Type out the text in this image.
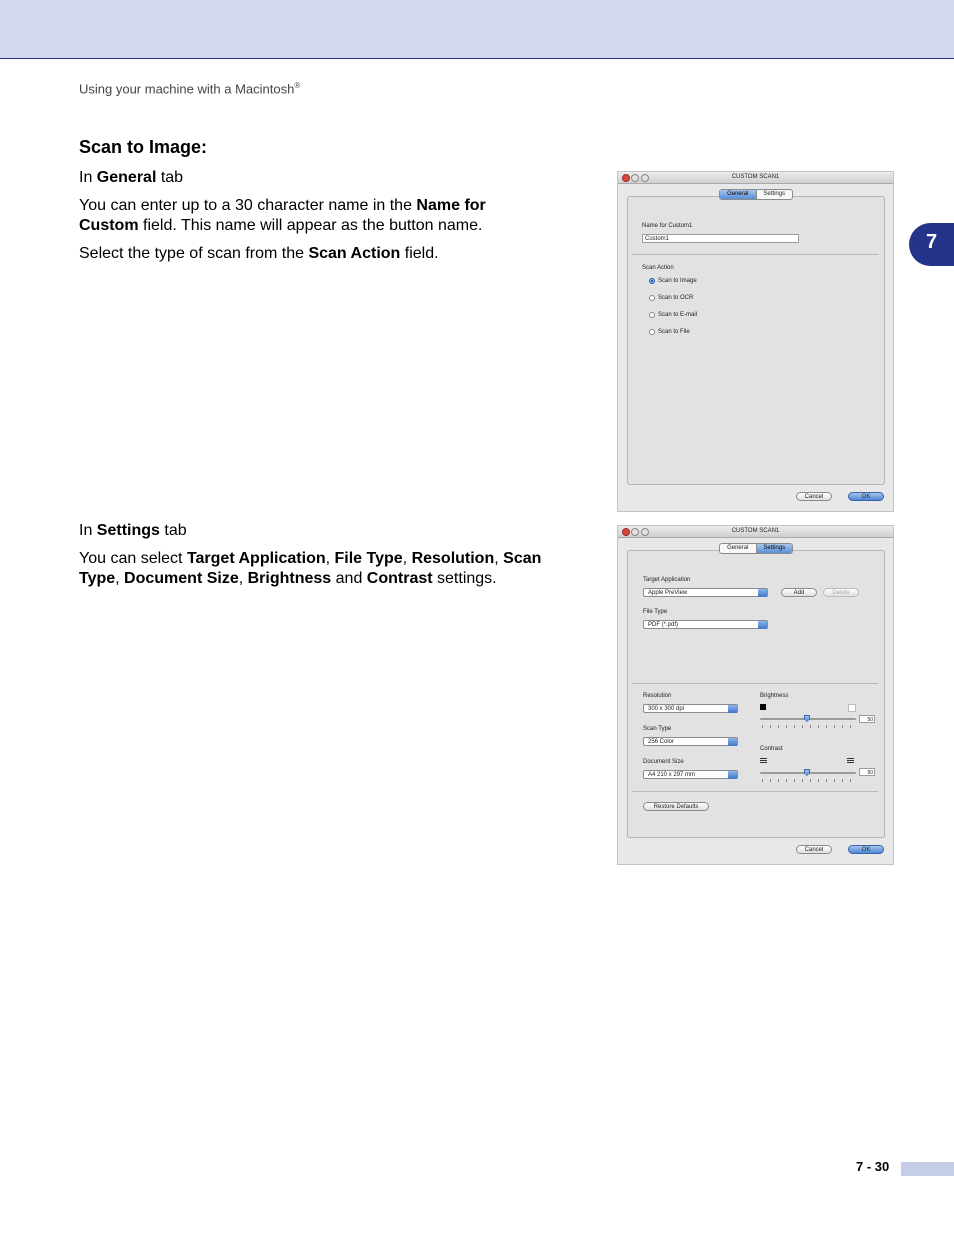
Using your machine with a Macintosh®
7
Scan to Image:
In General tab
You can enter up to a 30 character name in the Name for Custom field. This name will appear as the button name.
Select the type of scan from the Scan Action field.
In Settings tab
You can select Target Application, File Type, Resolution, Scan Type, Document Size, Brightness and Contrast settings.
CUSTOM SCAN1
General	Settings
Name for Custom1
Custom1
Scan Action
Scan to Image
Scan to OCR
Scan to E-mail
Scan to File
Cancel	OK
CUSTOM SCAN1
General	Settings
Target Application
Apple PreView	Add	Delete
File Type
PDF (*.pdf)
Resolution
300 x 300 dpi
Scan Type
256 Color
Document Size
A4 210 x 297 mm
Brightness
50
Contrast
50
Restore Defaults
Cancel	OK
7 - 30
